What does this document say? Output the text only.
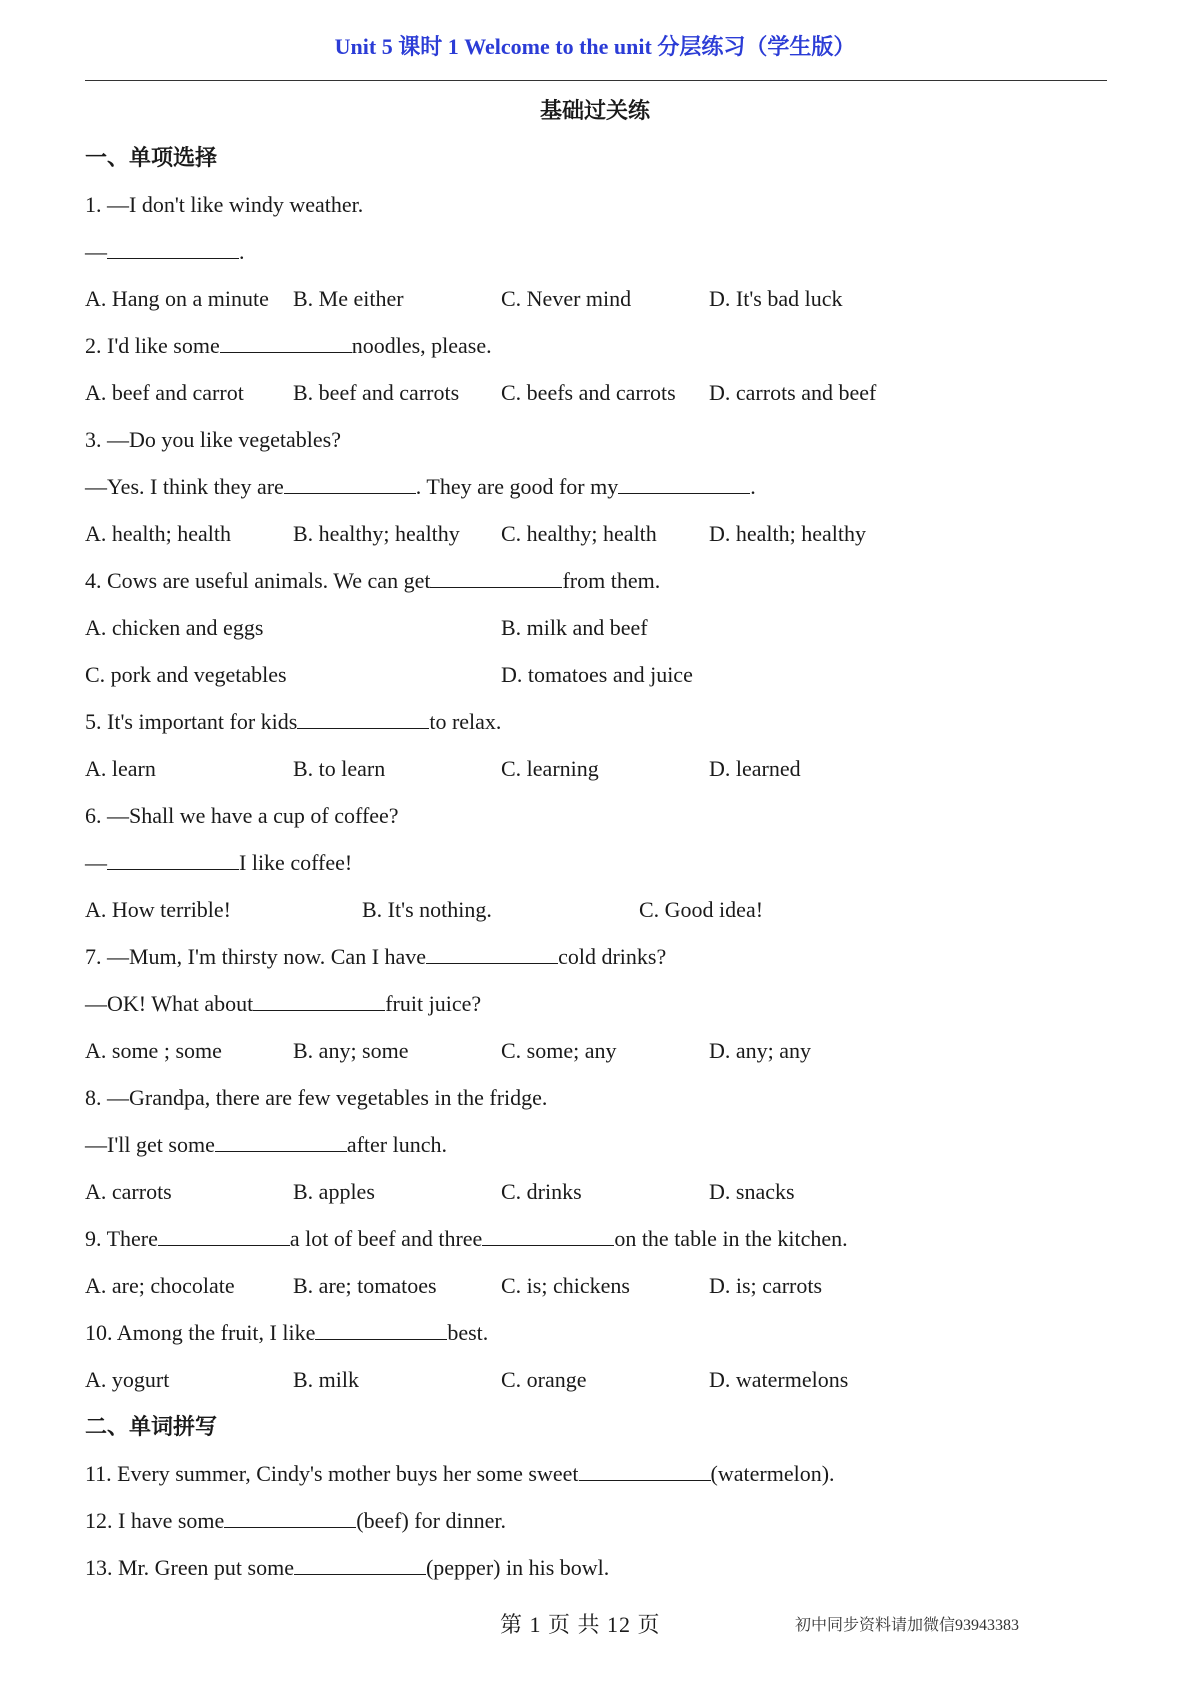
Unit 5 课时 1 Welcome to the unit 分层练习（学生版）
基础过关练
一、单项选择
1. —I don't like windy weather.
—	.
A. Hang on a minute B. Me either	C. Never mind	D. It's bad luck
2. I'd like some	noodles, please.
A. beef and carrot B. beef and carrots C. beefs and carrots D. carrots and beef
3. —Do you like vegetables?
—Yes. I think they are	. They are good for my	.
A. health; health	B. healthy; healthy C. healthy; health D. health; healthy
4. Cows are useful animals. We can get	from them.
A. chicken and eggs	B. milk and beef
C. pork and vegetables	D. tomatoes and juice
5. It's important for kids	to relax.
A. learn	B. to learn	C. learning	D. learned
6. —Shall we have a cup of coffee?
—	I like coffee!
A. How terrible!	B. It's nothing.	C. Good idea!
7. —Mum, I'm thirsty now. Can I have	cold drinks?
—OK! What about	fruit juice?
A. some ; some	B. any; some	C. some; any	D. any; any
8. —Grandpa, there are few vegetables in the fridge.
—I'll get some	after lunch.
A. carrots	B. apples	C. drinks	D. snacks
9. There	a lot of beef and three	on the table in the kitchen.
A. are; chocolate	B. are; tomatoes	C. is; chickens	D. is; carrots
10. Among the fruit, I like	best.
A. yogurt	B. milk	C. orange	D. watermelons
二、单词拼写
11. Every summer, Cindy's mother buys her some sweet	(watermelon).
12. I have some	(beef) for dinner.
13. Mr. Green put some	(pepper) in his bowl.
第 1 页 共 12 页	初中同步资料请加微信93943383
